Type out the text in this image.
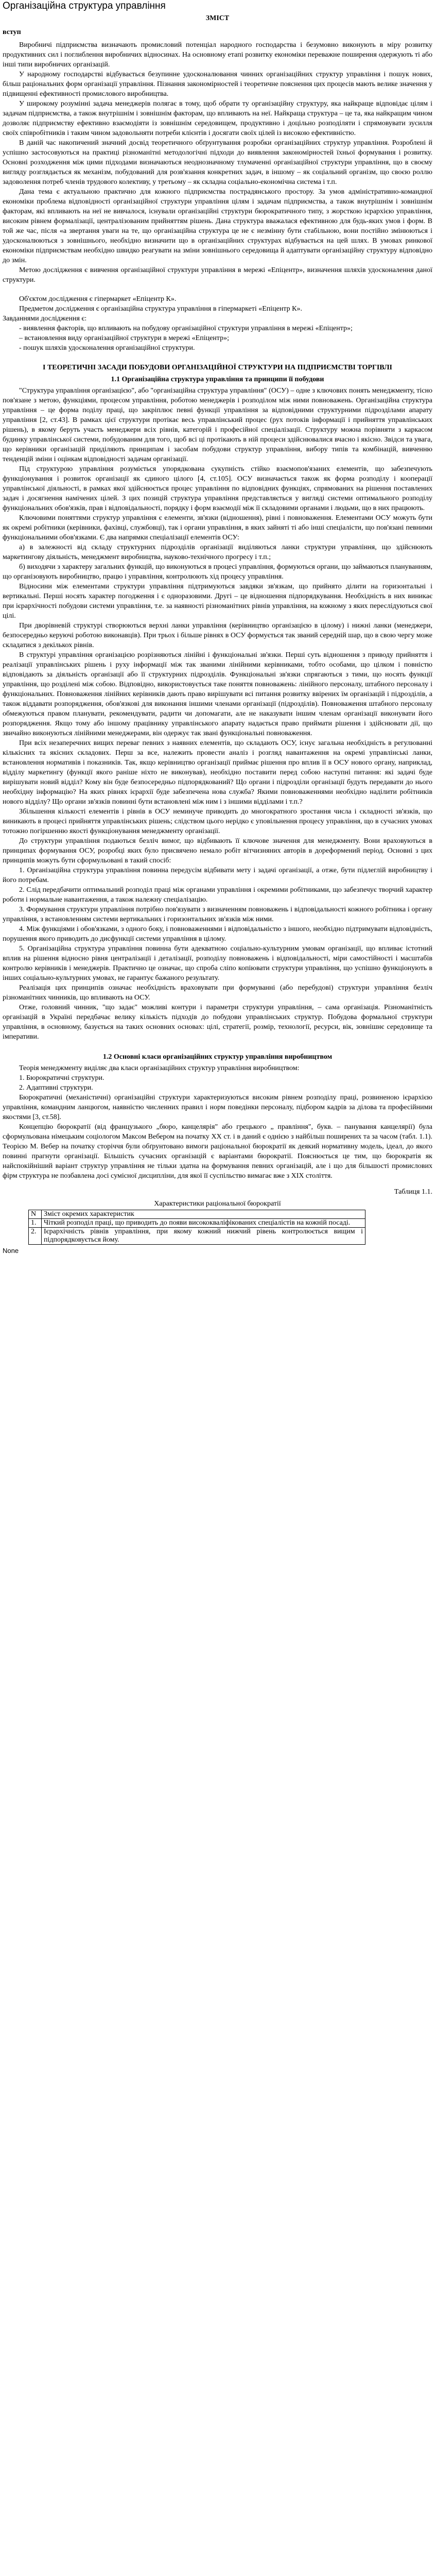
Організаційна структура управління

ЗМІСТ

вступ

Виробничі підприємства визначають промисловий потенціал народного господарства і безумовно виконують в міру розвитку продуктивних сил і поглиблення виробничих відносинах. На основному етапі розвитку економіки переважне поширення одержують ті або інші типи виробничих організацій.

У народному господарстві відбувається безупинне удосконалювання чинних організаційних структур управління і пошук нових, більш раціональних форм організації управління. Пізнання закономірностей і теоретичне пояснення цих процесів мають велике значення у підвищенні ефективності промислового виробництва.

У широкому розумінні задача менеджерів полягає в тому, щоб обрати ту організаційну структуру, яка найкраще відповідає цілям і задачам підприємства, а також внутрішнім і зовнішнім факторам, що впливають на неї. Найкраща структура – це та, яка найкращим чином дозволяє підприємству ефективно взаємодіяти із зовнішнім середовищем, продуктивно і доцільно розподіляти і спрямовувати зусилля своїх співробітників і таким чином задовольняти потреби клієнтів і досягати своїх цілей із високою ефективністю.

В даній час накопичений значний досвід теоретичного обґрунтування розробки організаційних структур управління. Розроблені й успішно застосовуються на практиці різноманітні методологічні підходи до виявлення закономірностей їхньої формування і розвитку. Основні розходження між цими підходами визначаються неоднозначному тлумаченні організаційної структури управління, що в своєму вигляду розглядається як механізм, побудований для розв'язання конкретних задач, в іншому – як соціальний організм, що своєю роллю задоволення потреб членів трудового колективу, у третьому – як складна соціально-економічна система і т.п.

Дана тема є актуальною практично для кожного підприємства пострадянського простору. За умов адміністративно-командної економіки проблема відповідності організаційної структури управління цілям і задачам підприємства, а також внутрішнім і зовнішнім факторам, які впливають на неї не вивчалося, існували організаційні структури бюрократичного типу, з жорсткою ієрархією управління, високим рівнем формалізації, централізованим прийняттям рішень. Дана структура вважалася ефективною для будь-яких умов і форм. В той же час, після «а звертання уваги на те, що організаційна структура це не є незмінну бути стабільною, вони постійно змінюються і удосконалюються з зовнішнього, необхідно визначити що в організаційних структурах відбувається на цей шлях. В умовах ринкової економіки підприємствам необхідно швидко реагувати на зміни зовнішнього середовища й адаптувати організаційну структуру відповідно до змін.

Метою дослідження є вивчення організаційної структури управління в мережі «Епіцентр», визначення шляхів удосконалення даної структури.

Об'єктом дослідження є гіпермаркет «Епіцентр К».

Предметом дослідження є організаційна структура управління в гіпермаркеті «Епіцентр К».

Завданнями дослідження є:

- виявлення факторів, що впливають на побудову організаційної структури управління в мережі «Епіцентр»;

– встановлення виду організаційної структури в мережі «Епіцентр»;

- пошук шляхів удосконалення організаційної структури.

І ТЕОРЕТИЧНІ ЗАСАДИ ПОБУДОВИ ОРГАНІЗАЦІЙНОЇ СТРУКТУРИ НА ПІДПРИЄМСТВІ ТОРГІВЛІ

1.1 Організаційна структура управління та принципи її побудови

"Структура управління організацією", або "організаційна структура управління" (ОСУ) – одне з ключових понять менеджменту, тісно пов'язане з метою, функціями, процесом управління, роботою менеджерів і розподілом між ними повноважень. Організаційна структура управління – це форма поділу праці, що закріплює певні функції управління за відповідними структурними підрозділами апарату управління [2, ст.43]. В рамках цієї структури протікає весь управлінський процес (рух потоків інформації і прийняття управлінських рішень), в якому беруть участь менеджери всіх рівнів, категорій і професійної спеціалізації. Структуру можна порівняти з каркасом будинку управлінської системи, побудованим для того, щоб всі ці протікають в ній процеси здійснювалися вчасно і якісно. Звідси та увага, що керівники організацій приділяють принципам і засобам побудови структур управління, вибору типів та комбінацій, вивченню тенденцій зміни і оцінкам відповідності задачам організації.

Під структурою управління розуміється упорядкована сукупність стійко взаємопов'язаних елементів, що забезпечують функціонування і розвиток організації як єдиного цілого [4, ст.105]. ОСУ визначається також як форма розподілу і кооперації управлінської діяльності, в рамках якої здійснюється процес управління по відповідних функціях, спрямованих на рішення поставлених задач і досягнення намічених цілей. З цих позицій структура управління представляється у вигляді системи оптимального розподілу функціональних обов'язків, прав і відповідальності, порядку і форм взаємодії між її складовими органами і людьми, що в них працюють.

Ключовими поняттями структур управління є елементи, зв'язки (відношення), рівні і повноваження. Елементами ОСУ можуть бути як окремі робітники (керівники, фахівці, службовці), так і органи управління, в яких зайняті ті або інші спеціалісти, що пов'язані певними функціональними обов'язками. Є два напрямки спеціалізації елементів ОСУ:

а) в залежності від складу структурних підрозділів організації виділяються ланки структури управління, що здійснюють маркетингову діяльність, менеджмент виробництва, науково-технічного прогресу і т.п.;

б) виходячи з характеру загальних функцій, що виконуються в процесі управління, формуються органи, що займаються плануванням, що організовують виробництво, працю і управління, контролюють хід процесу управління.

Відносини між елементами структури управління підтримуються завдяки зв'язкам, що прийнято ділити на горизонтальні і вертикальні. Перші носять характер погодження і є одноразовими. Другі – це відношення підпорядкування. Необхідність в них виникає при ієрархічності побудови системи управління, т.е. за наявності різноманітних рівнів управління, на кожному з яких переслідуються свої цілі.

При дворівневій структурі створюються верхні ланки управління (керівництво організацією в цілому) і нижні ланки (менеджери, безпосередньо керуючі роботою виконавців). При трьох і більше рівнях в ОСУ формується так званий середній шар, що в свою чергу може складатися з декількох рівнів.

В структурі управління організацією розрізняються лінійні і функціональні зв'язки. Перші суть відношення з приводу прийняття і реалізації управлінських рішень і руху інформації між так званими лінійними керівниками, тобто особами, що цілком і повністю відповідають за діяльність організації або її структурних підрозділів. Функціональні зв'язки спрягаються з тими, що носять функції управління, що розділені між собою. Відповідно, використовується таке поняття повноважень: лінійного персоналу, штабного персоналу і функціональних. Повноваження лінійних керівників дають право вирішувати всі питання розвитку ввірених їм організацій і підрозділів, а також віддавати розпорядження, обов'язкові для виконання іншими членами організації (підрозділів). Повноваження штабного персоналу обмежуються правом планувати, рекомендувати, радити чи допомагати, але не наказувати іншим членам організації виконувати його розпорядження. Якщо тому або іншому працівнику управлінського апарату надається право приймати рішення і здійснювати дії, що звичайно виконуються лінійними менеджерами, він одержує так звані функціональні повноваження.

При всіх незаперечних вищих переваг певних з наявних елементів, що складають ОСУ, існує загальна необхідність в регулюванні кількісних та якісних складових. Перш за все, належить провести аналіз і розгляд навантаження на окремі управлінські ланки, встановлення нормативів і показників. Так, якщо керівництво організації приймає рішення про вплив її в ОСУ нового органу, наприклад, відділу маркетингу (функції якого раніше ніхто не виконував), необхідно поставити перед собою наступні питання: які задачі буде вирішувати новий відділ? Кому він буде безпосередньо підпорядкований? Що органи і підрозділи організації будуть передавати до нього необхідну інформацію? На яких рівнях ієрархії буде забезпечена нова служба? Якими повноваженнями необхідно наділити робітників нового відділу? Що органи зв'язків повинні бути встановлені між ним і з іншими відділами і т.п.?

Збільшення кількості елементів і рівнів в ОСУ неминуче приводить до многократного зростання числа і складності зв'язків, що виникають в процесі прийняття управлінських рішень; слідством цього нерідко є уповільнення процесу управління, що в сучасних умовах тотожно погіршенню якості функціонування менеджменту організації.

До структури управління подаються безліч вимог, що відбивають її ключове значення для менеджменту. Вони враховуються в принципах формування ОСУ, розробці яких було присвячено немало робіт вітчизняних авторів в дореформений період. Основні з цих принципів можуть бути сформульовані в такий спосіб:

1. Організаційна структура управління повинна передусім відбивати мету і задачі організації, а отже, бути підлеглій виробництву і його потребам.

2. Слід передбачити оптимальний розподіл праці між органами управління і окремими робітниками, що забезпечує творчий характер роботи і нормальне навантаження, а також належну спеціалізацію.

3. Формування структури управління потрібно пов'язувати з визначенням повноважень і відповідальності кожного робітника і органу управління, з встановленням системи вертикальних і горизонтальних зв'язків між ними.

4. Між функціями і обов'язками, з одного боку, і повноваженнями і відповідальністю з іншого, необхідно підтримувати відповідність, порушення якого приводить до дисфункції системи управління в цілому.

5. Організаційна структура управління повинна бути адекватною соціально-культурним умовам організації, що впливає істотний вплив на рішення відносно рівня централізації і деталізації, розподілу повноважень і відповідальності, міри самостійності і масштабів контролю керівників і менеджерів. Практично це означає, що спроба сліпо копіювати структури управління, що успішно функціонують в інших соціально-культурних умовах, не гарантує бажаного результату.

Реалізація цих принципів означає необхідність враховувати при формуванні (або перебудові) структури управління безліч різноманітних чинників, що впливають на ОСУ.

Отже, головний чинник, "що задає" можливі контури і параметри структури управління, – сама організація. Різноманітність організацій в Україні передбачає велику кількість підходів до побудови управлінських структур. Побудова формальної структури управління, в основному, базується на таких основних основах: цілі, стратегії, розмір, технології, ресурси, вік, зовнішнє середовище та імперативи.

1.2 Основні класи організаційних структур управління виробництвом

Теорія менеджменту виділяє два класи організаційних структур управління виробництвом:

1. Бюрократичні структури.

2. Адаптивні структури.

Бюрократичні (механістичні) організаційні структури характеризуються високим рівнем розподілу праці, розвиненою ієрархією управління, командним ланцюгом, наявністю численних правил і норм поведінки персоналу, підбором кадрів за ділова та професійними якостями [3, ст.58].

Концепцію бюрократії (від французького „бюро, канцелярія" або грецького „ правління", букв. – панування канцелярії) була сформульована німецьким соціологом Максом Вебером на початку XX ст. і в даний є однією з найбільш поширених та за часом (табл. 1.1). Теорією М. Вебер на початку сторіччя були обґрунтовано вимоги раціональної бюрократії як деякий нормативну модель, ідеал, до якого повинні прагнути організації. Більшість сучасних організацій є варіантами бюрократії. Пояснюється це тим, що бюрократія як найспокійніший варіант структур управління не тільки здатна на формування певних організацій, але і що для більшості промислових фірм структура не позбавлена досі сумісної дисципліни, для якої її суспільство вимагає вже з XIX століття.

Таблиця 1.1.

Характеристики раціональної бюрократії

N	Зміст окремих характеристик
1.	Чіткий розподіл праці, що приводить до появи висококваліфікованих спеціалістів на кожній посаді.
2.	Ієрархічність рівнів управління, при якому кожний нижчий рівень контролюється вищим і підпорядковується йому.
None
